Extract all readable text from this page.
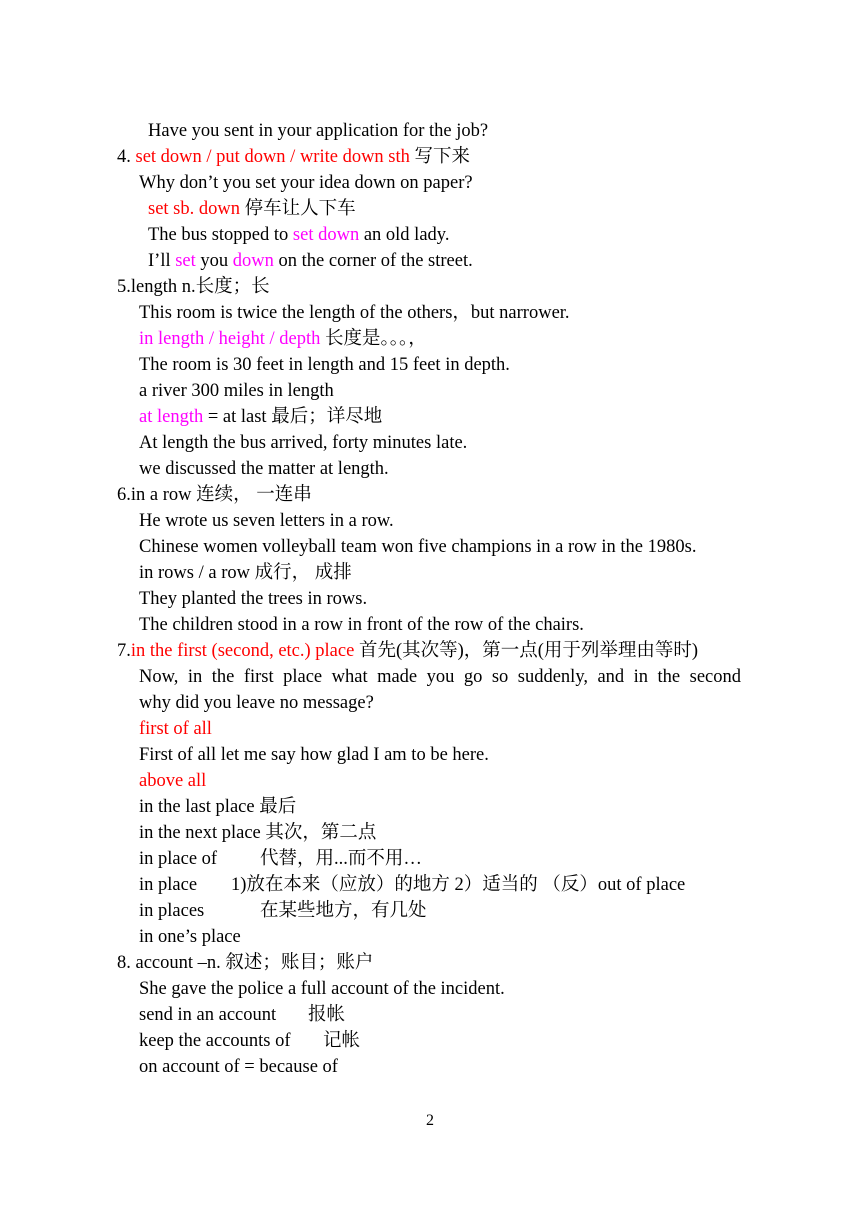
Have you sent in your application for the job?
4. set down / put down / write down sth 写下来
Why don’t you set your idea down on paper?
set sb. down 停车让人下车
The bus stopped to set down an old lady.
I’ll set you down on the corner of the street.
5.length n.长度；长
This room is twice the length of the others，but narrower.
in length / height / depth 长度是。。。，
The room is 30 feet in length and 15 feet in depth.
a river 300 miles in length
at length = at last 最后；详尽地
At length the bus arrived, forty minutes late.
we discussed the matter at length.
6.in a row 连续， 一连串
He wrote us seven letters in a row.
Chinese women volleyball team won five champions in a row in the 1980s.
in rows / a row 成行， 成排
They planted the trees in rows.
The children stood in a row in front of the row of the chairs.
7.in the first (second, etc.) place 首先(其次等)，第一点(用于列举理由等时)
Now, in the first place what made you go so suddenly, and in the second
why did you leave no message?
first of all
First of all let me say how glad I am to be here.
above all
in the last place 最后
in the next place 其次，第二点
in place of 代替，用...而不用…
in place 1)放在本来（应放）的地方 2）适当的 （反）out of place
in places	在某些地方，有几处
in one’s place
8. account –n. 叙述；账目；账户
She gave the police a full account of the incident.
send in an account 报帐
keep the accounts of 记帐
on account of = because of
2
